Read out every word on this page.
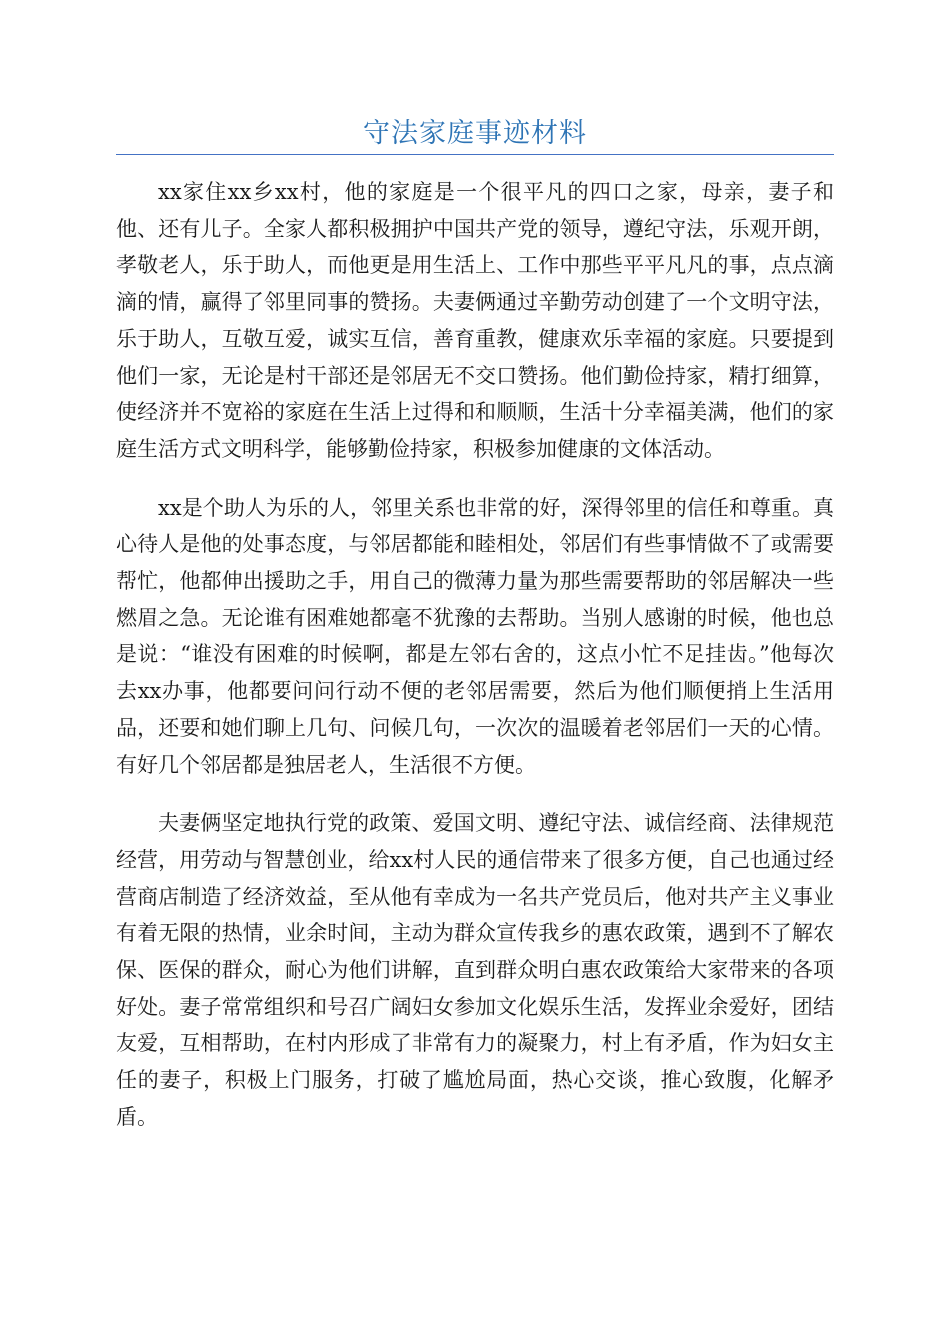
守法家庭事迹材料

xx家住xx乡xx村，他的家庭是一个很平凡的四口之家，母亲，妻子和他、还有儿子。全家人都积极拥护中国共产党的领导，遵纪守法，乐观开朗，孝敬老人，乐于助人，而他更是用生活上、工作中那些平平凡凡的事，点点滴滴的情，赢得了邻里同事的赞扬。夫妻俩通过辛勤劳动创建了一个文明守法，乐于助人，互敬互爱，诚实互信，善育重教，健康欢乐幸福的家庭。只要提到他们一家，无论是村干部还是邻居无不交口赞扬。他们勤俭持家，精打细算，使经济并不宽裕的家庭在生活上过得和和顺顺，生活十分幸福美满，他们的家庭生活方式文明科学，能够勤俭持家，积极参加健康的文体活动。

xx是个助人为乐的人，邻里关系也非常的好，深得邻里的信任和尊重。真心待人是他的处事态度，与邻居都能和睦相处，邻居们有些事情做不了或需要帮忙，他都伸出援助之手，用自己的微薄力量为那些需要帮助的邻居解决一些燃眉之急。无论谁有困难她都毫不犹豫的去帮助。当别人感谢的时候，他也总是说：“谁没有困难的时候啊，都是左邻右舍的，这点小忙不足挂齿。”他每次去xx办事，他都要问问行动不便的老邻居需要，然后为他们顺便捎上生活用品，还要和她们聊上几句、问候几句，一次次的温暖着老邻居们一天的心情。有好几个邻居都是独居老人，生活很不方便。

夫妻俩坚定地执行党的政策、爱国文明、遵纪守法、诚信经商、法律规范经营，用劳动与智慧创业，给xx村人民的通信带来了很多方便，自己也通过经营商店制造了经济效益，至从他有幸成为一名共产党员后，他对共产主义事业有着无限的热情，业余时间，主动为群众宣传我乡的惠农政策，遇到不了解农保、医保的群众，耐心为他们讲解，直到群众明白惠农政策给大家带来的各项好处。妻子常常组织和号召广阔妇女参加文化娱乐生活，发挥业余爱好，团结友爱，互相帮助，在村内形成了非常有力的凝聚力，村上有矛盾，作为妇女主任的妻子，积极上门服务，打破了尴尬局面，热心交谈，推心致腹，化解矛盾。
